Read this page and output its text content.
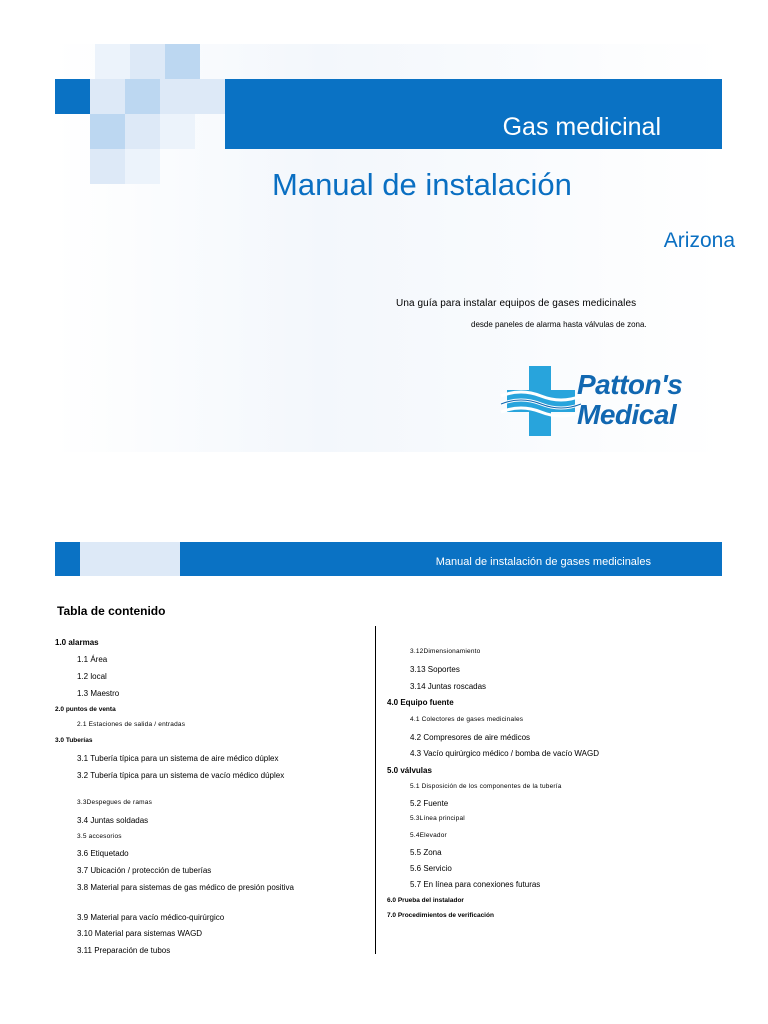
Gas medicinal
Manual de instalación
Arizona
Una guía para instalar equipos de gases medicinales
desde paneles de alarma hasta válvulas de zona.
Patton's
Medical
Manual de instalación de gases medicinales
Tabla de contenido
1.0 alarmas
1.1 Área
1.2 local
1.3 Maestro
2.0 puntos de venta
2.1 Estaciones de salida / entradas
3.0 Tuberías
3.1 Tubería típica para un sistema de aire médico dúplex
3.2 Tubería típica para un sistema de vacío médico dúplex
3.3Despegues de ramas
3.4 Juntas soldadas
3.5 accesorios
3.6 Etiquetado
3.7 Ubicación / protección de tuberías
3.8 Material para sistemas de gas médico de presión positiva
3.9 Material para vacío médico-quirúrgico
3.10 Material para sistemas WAGD
3.11 Preparación de tubos
3.12Dimensionamiento
3.13 Soportes
3.14 Juntas roscadas
4.0 Equipo fuente
4.1 Colectores de gases medicinales
4.2 Compresores de aire médicos
4.3 Vacío quirúrgico médico / bomba de vacío WAGD
5.0 válvulas
5.1 Disposición de los componentes de la tubería
5.2 Fuente
5.3Línea principal
5.4Elevador
5.5 Zona
5.6 Servicio
5.7 En línea para conexiones futuras
6.0 Prueba del instalador
7.0 Procedimientos de verificación
